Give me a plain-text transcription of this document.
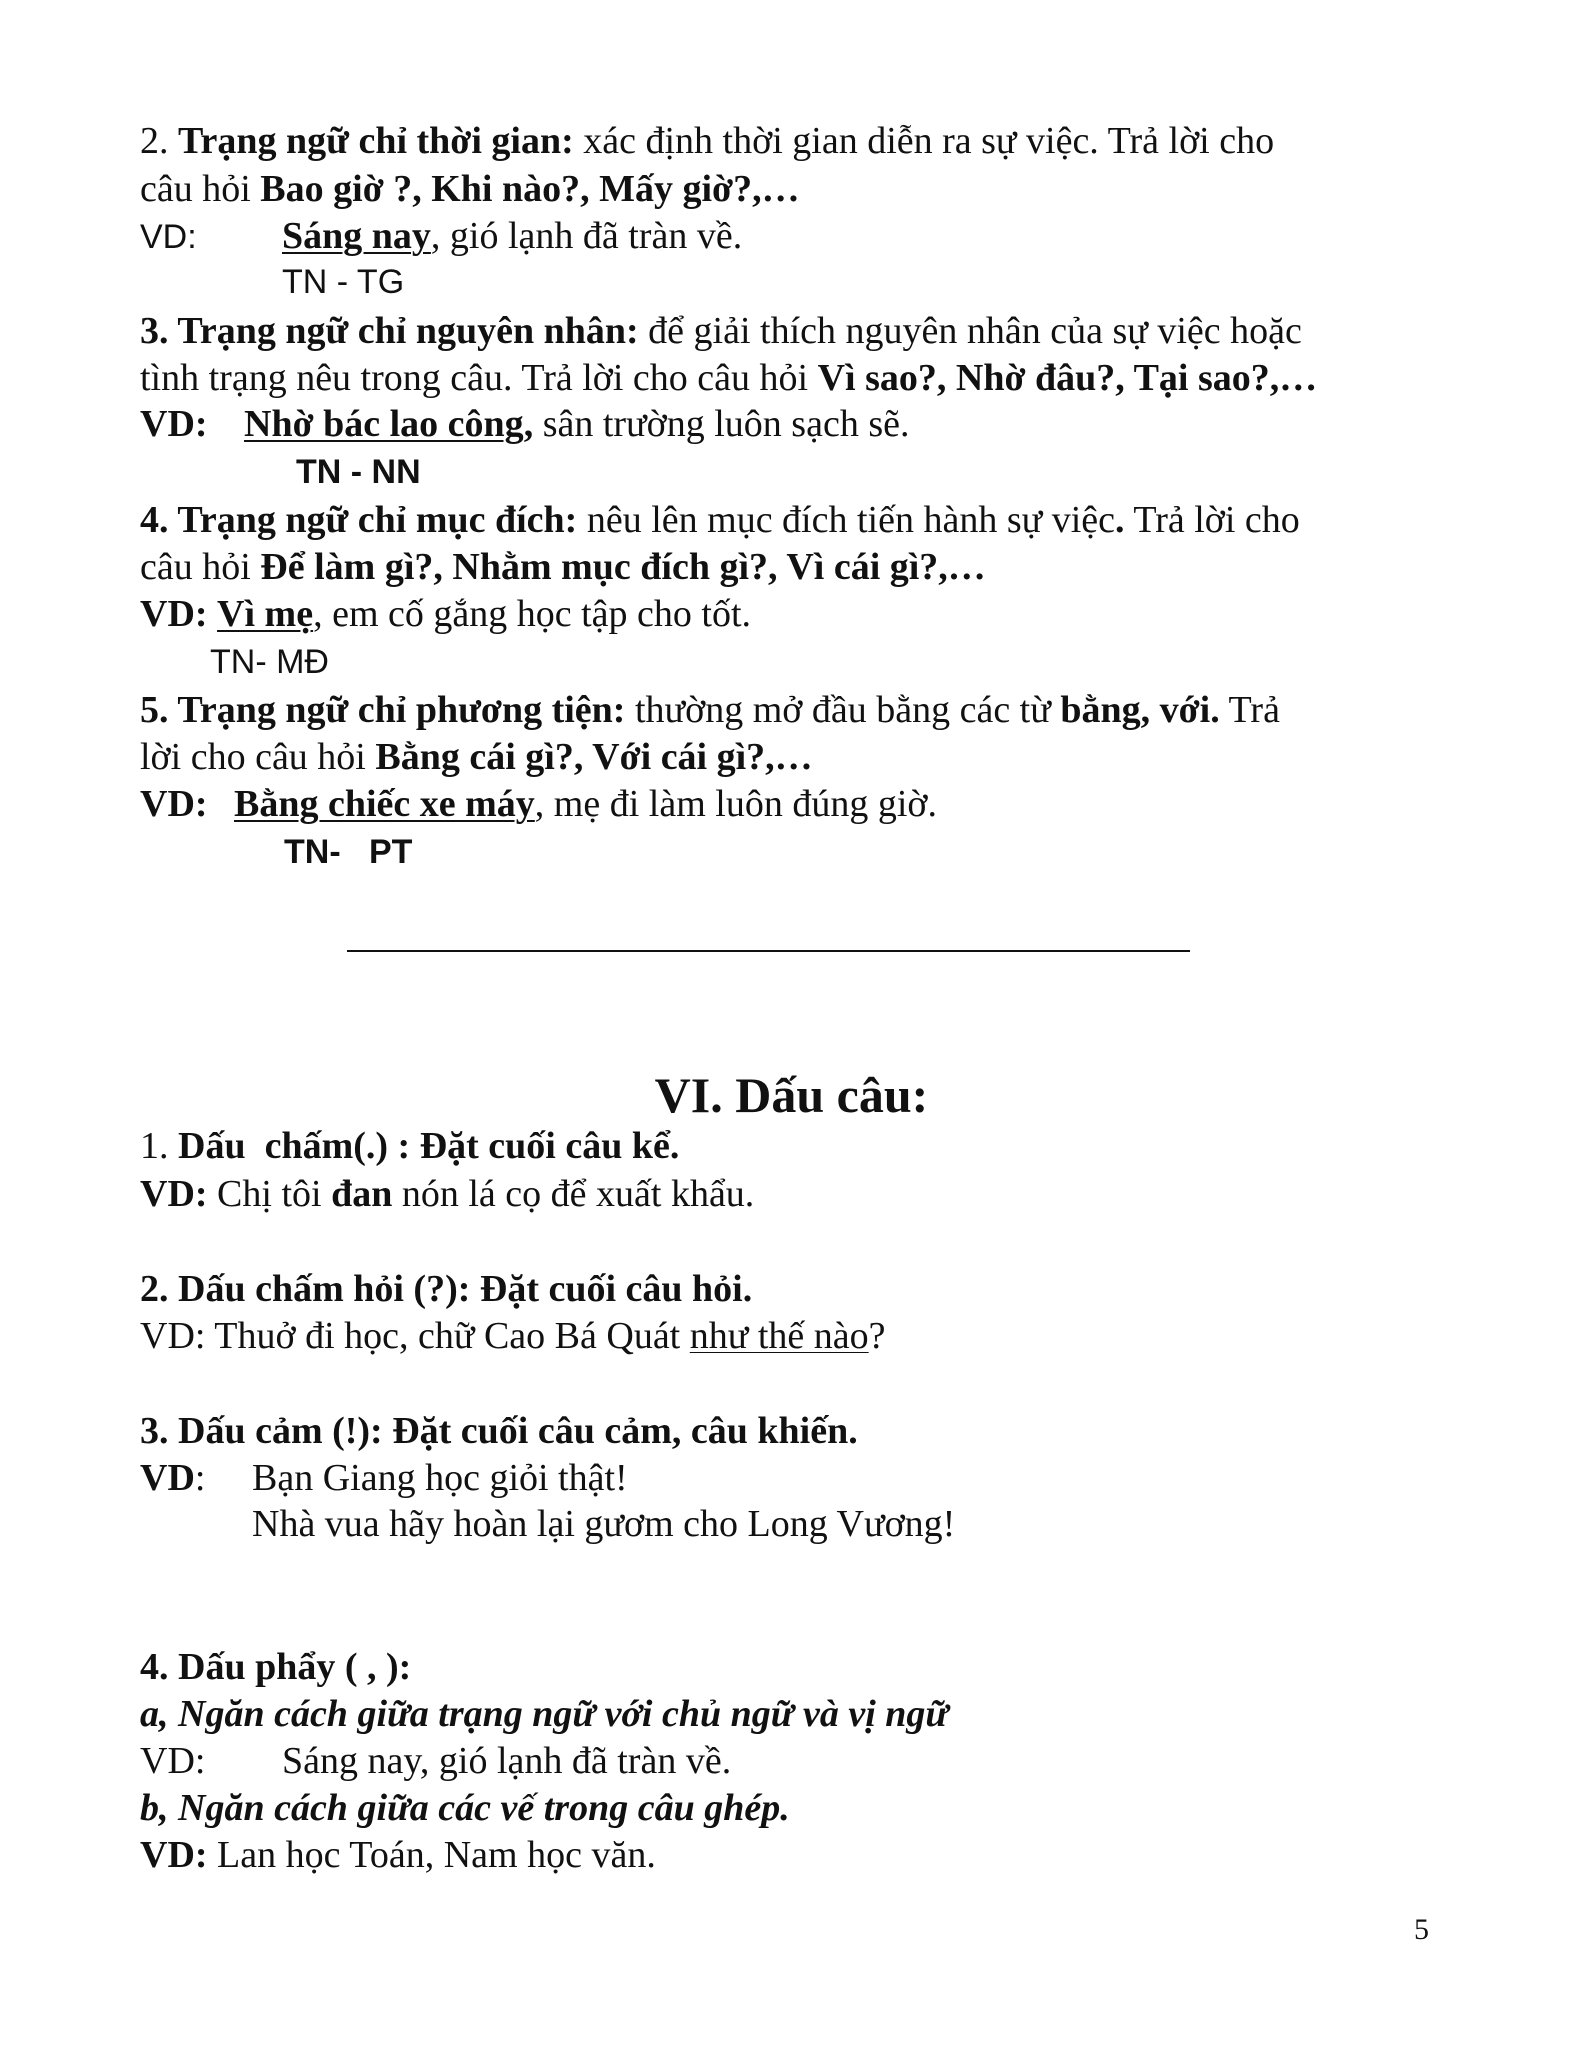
2. Trạng ngữ chỉ thời gian: xác định thời gian diễn ra sự việc. Trả lời cho
câu hỏi Bao giờ ?, Khi nào?, Mấy giờ?,…
VD: Sáng nay, gió lạnh đã tràn về.
TN - TG
3. Trạng ngữ chỉ nguyên nhân: để giải thích nguyên nhân của sự việc hoặc
tình trạng nêu trong câu. Trả lời cho câu hỏi Vì sao?, Nhờ đâu?, Tại sao?,…
VD: Nhờ bác lao công, sân trường luôn sạch sẽ.
TN - NN
4. Trạng ngữ chỉ mục đích: nêu lên mục đích tiến hành sự việc. Trả lời cho
câu hỏi Để làm gì?, Nhằm mục đích gì?, Vì cái gì?,…
VD: Vì mẹ, em cố gắng học tập cho tốt.
TN- MĐ
5. Trạng ngữ chỉ phương tiện: thường mở đầu bằng các từ bằng, với. Trả
lời cho câu hỏi Bằng cái gì?, Với cái gì?,…
VD: Bằng chiếc xe máy, mẹ đi làm luôn đúng giờ.
TN-   PT
VI. Dấu câu:
1. Dấu  chấm(.) : Đặt cuối câu kể.
VD: Chị tôi đan nón lá cọ để xuất khẩu.
2. Dấu chấm hỏi (?): Đặt cuối câu hỏi.
VD: Thuở đi học, chữ Cao Bá Quát như thế nào?
3. Dấu cảm (!): Đặt cuối câu cảm, câu khiến.
VD: Bạn Giang học giỏi thật!
Nhà vua hãy hoàn lại gươm cho Long Vương!
4. Dấu phẩy ( , ):
a, Ngăn cách giữa trạng ngữ với chủ ngữ và vị ngữ
VD: Sáng nay, gió lạnh đã tràn về.
b, Ngăn cách giữa các vế trong câu ghép.
VD: Lan học Toán, Nam học văn.
5
